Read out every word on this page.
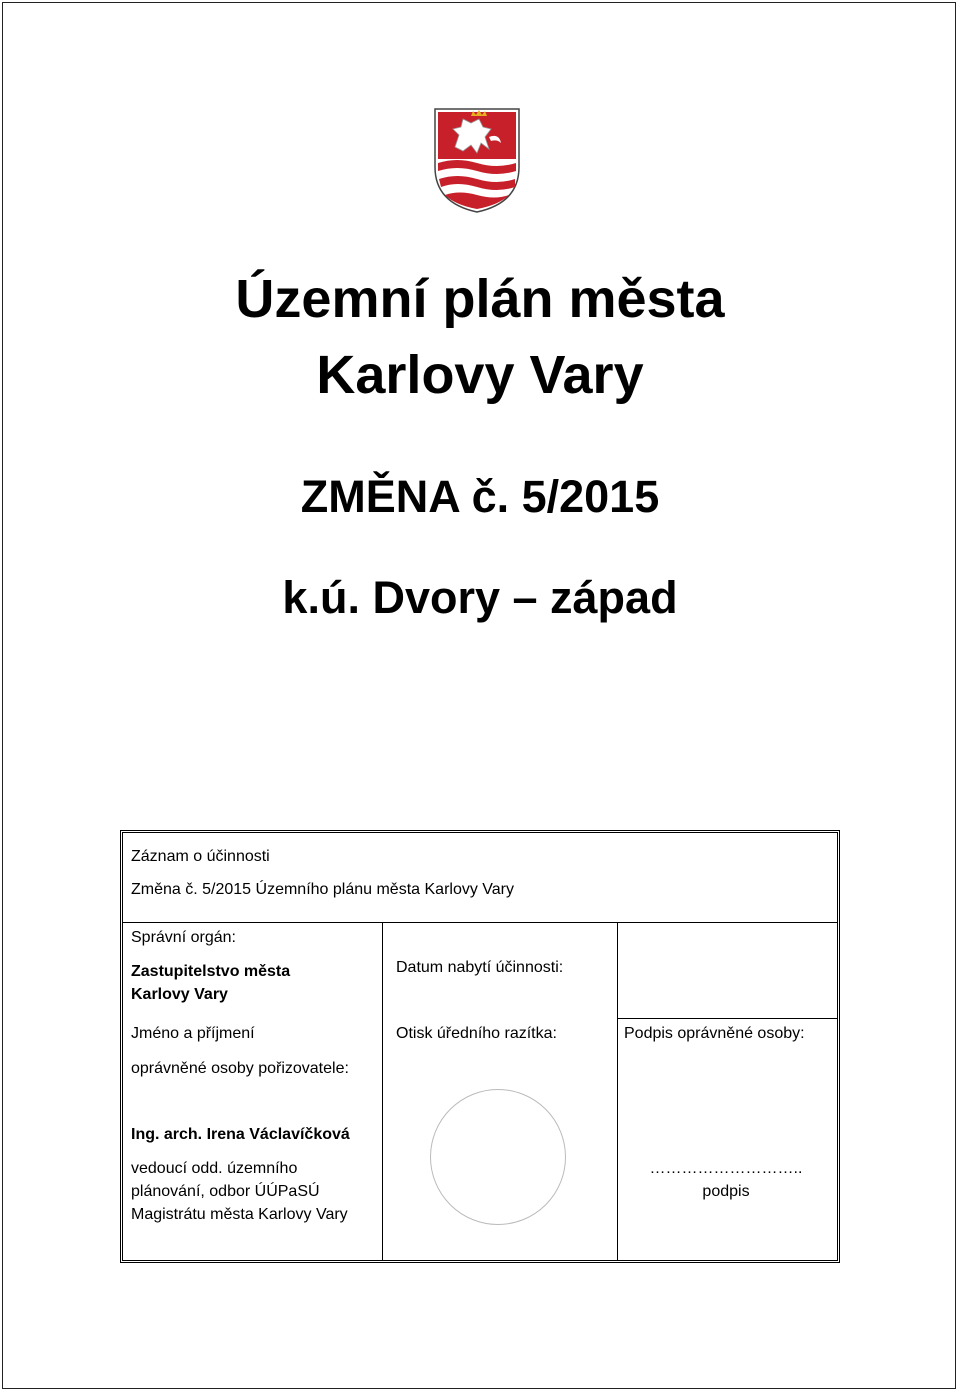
Územní plán města
Karlovy Vary
ZMĚNA č. 5/2015
k.ú. Dvory – západ
Záznam o účinnosti
Změna č. 5/2015 Územního plánu města Karlovy Vary
Správní orgán:
Zastupitelstvo města
Karlovy Vary
Datum nabytí účinnosti:
Jméno a příjmení
oprávněné osoby pořizovatele:
Otisk úředního razítka:	Podpis oprávněné osoby:
Ing. arch. Irena Václavíčková
vedoucí odd. územního
plánování, odbor ÚÚPaSÚ
Magistrátu města Karlovy Vary
………………………..
podpis
